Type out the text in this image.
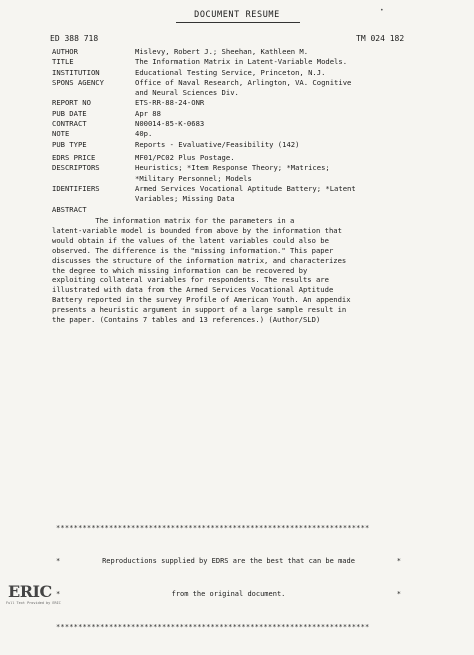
•
DOCUMENT RESUME
ED 388 718	TM 024 182
AUTHOR	Mislevy, Robert J.; Sheehan, Kathleen M.
TITLE	The Information Matrix in Latent-Variable Models.
INSTITUTION	Educational Testing Service, Princeton, N.J.
SPONS AGENCY	Office of Naval Research, Arlington, VA. Cognitive
and Neural Sciences Div.
REPORT NO	ETS-RR-88-24-ONR
PUB DATE	Apr 88
CONTRACT	N00014-85-K-0683
NOTE	40p.
PUB TYPE	Reports - Evaluative/Feasibility (142)
EDRS PRICE	MF01/PC02 Plus Postage.
DESCRIPTORS	Heuristics; *Item Response Theory; *Matrices;
*Military Personnel; Models
IDENTIFIERS	Armed Services Vocational Aptitude Battery; *Latent
Variables; Missing Data
ABSTRACT
The information matrix for the parameters in a
latent-variable model is bounded from above by the information that
would obtain if the values of the latent variables could also be
observed. The difference is the "missing information." This paper
discusses the structure of the information matrix, and characterizes
the degree to which missing information can be recovered by
exploiting collateral variables for respondents. The results are
illustrated with data from the Armed Services Vocational Aptitude
Battery reported in the survey Profile of American Youth. An appendix
presents a heuristic argument in support of a large sample result in
the paper. (Contains 7 tables and 13 references.) (Author/SLD)

***********************************************************************

*	Reproductions supplied by EDRS are the best that can be made	*

*	from the original document.	*

***********************************************************************

ERIC
Full Text Provided by ERIC
